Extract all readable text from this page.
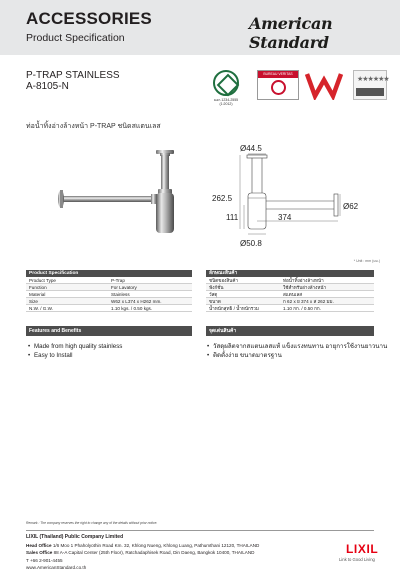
ACCESSORIES
Product Specification
American Standard
P-TRAP STAINLESS
A-8105-N
มอก.1234-2555 (1:2012)
BUREAU VERITAS Certification	★★★★★★
ท่อน้ำทิ้งอ่างล้างหน้า P-TRAP ชนิดสแตนเลส
Ø44.5
262.5
111	374
Ø62
Ø50.8
* Unit : mm (มม.)
Product Specification
Product Type	P-Trap
Function	For Lavatory
Material	Stainless
Size	W62 x L374 x H262 mm.
N.W. / G.W.	1.10 kgs. / 0.50 kgs.
ลักษณะสินค้า
ชนิดของสินค้า	ท่อน้ำทิ้งอ่างล้างหน้า
ฟังก์ชั่น	ใช้สำหรับอ่างล้างหน้า
วัสดุ	สแตนเลส
ขนาด	ก 62 x ย 374 x ส 262 มม.
น้ำหนักสุทธิ / น้ำหนักรวม	1.10 กก. / 0.50 กก.
Features and Benefits	จุดเด่นสินค้า
• Made from high quality stainless
• Easy to Install
• วัสดุผลิตจากสแตนเลสแท้ แข็งแรงทนทาน อายุการใช้งานยาวนาน
• ติดตั้งง่าย ขนาดมาตรฐาน
Remark : The company reserves the right to change any of the details without prior notice.
LIXIL (Thailand) Public Company Limited
Head Office 1/6 Moo 1 Phaholyothin Road Km. 32, Khlong Nueng, Khlong Luang, Pathumthani 12120, THAILAND
Sales Office 88 A-A Capital Center (25th Floor), Ratchadaphisek Road, Din Daeng, Bangkok 10400, THAILAND
T +66 2-901-4455
www.AmericanStandard.co.th
LIXIL
Link to Good Living
